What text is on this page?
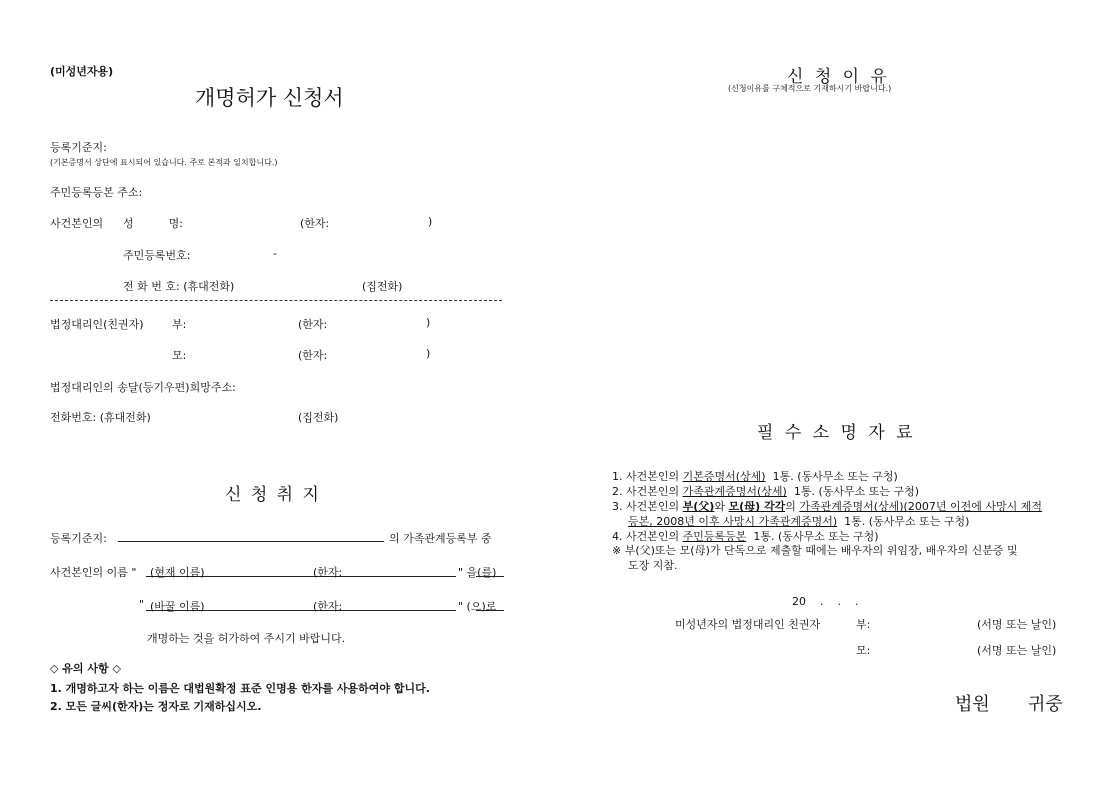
(미성년자용)
개명허가 신청서
등록기준지:
(기본증명서 상단에 표시되어 있습니다. 주로 본적과 일치합니다.)
주민등록등본 주소:
사건본인의 성          명:	(한자:	)
주민등록번호:	-
전 화 번 호: (휴대전화)	(집전화)
법정대리인(친권자)	부:	(한자:	)
모:	(한자:	)
법정대리인의 송달(등기우편)희망주소:
전화번호: (휴대전화)	(집전화)
신 청 취 지
등록기준지:	의 가족관계등록부 중
사건본인의 이름 " (현재 이름)	(한자:	" 을(를)
" (바꿀 이름)	(한자:	" (으)로
개명하는 것을 허가하여 주시기 바랍니다.
◇ 유의 사항 ◇
1. 개명하고자 하는 이름은 대법원확정 표준 인명용 한자를 사용하여야 합니다.
2. 모든 글씨(한자)는 정자로 기재하십시오.
신 청 이 유
(신청이유를 구체적으로 기재하시기 바랍니다.)
필 수 소 명 자 료
1. 사건본인의 기본증명서(상세)  1통. (동사무소 또는 구청)
2. 사건본인의 가족관계증명서(상세)  1통. (동사무소 또는 구청)
3. 사건본인의 부(父)와 모(母) 각각의 가족관계증명서(상세)(2007년 이전에 사망시 제적
등본, 2008년 이후 사망시 가족관계증명서)  1통. (동사무소 또는 구청)
4. 사건본인의 주민등록등본  1통. (동사무소 또는 구청)
※ 부(父)또는 모(母)가 단독으로 제출할 때에는 배우자의 위임장, 배우자의 신분증 및
도장 지참.
20    .    .    .
미성년자의 법정대리인 친권자	부:	(서명 또는 날인)
모:	(서명 또는 날인)
법원 귀중
